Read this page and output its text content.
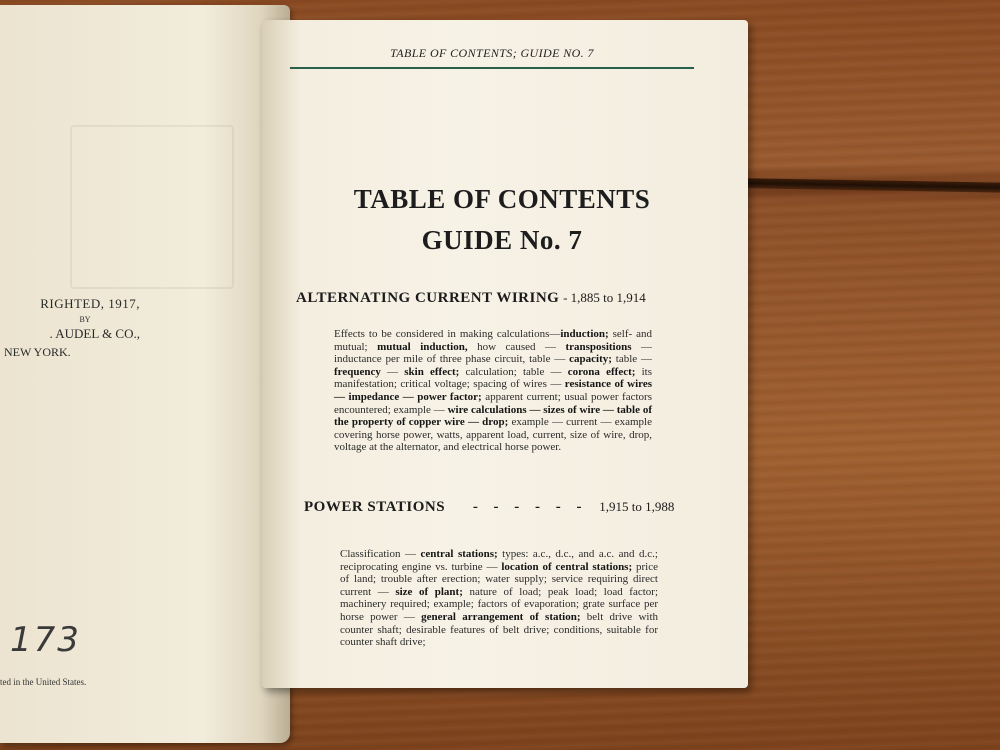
RIGHTED, 1917,
BY
. AUDEL & CO.,
NEW YORK.
173
ted in the United States.
TABLE OF CONTENTS; GUIDE NO. 7
TABLE OF CONTENTS
GUIDE No. 7
ALTERNATING CURRENT WIRING - 1,885 to 1,914
Effects to be considered in making calculations—induction; self- and mutual; mutual induction, how caused — transpositions — inductance per mile of three phase circuit, table — capacity; table — frequency — skin effect; calculation; table — corona effect; its manifestation; critical voltage; spacing of wires — resistance of wires — impedance — power factor; apparent current; usual power factors encountered; example — wire calculations — sizes of wire — table of the property of copper wire — drop; example — current — example covering horse power, watts, apparent load, current, size of wire, drop, voltage at the alternator, and electrical horse power.
POWER STATIONS - - - - - - 1,915 to 1,988
Classification — central stations; types: a.c., d.c., and a.c. and d.c.; reciprocating engine vs. turbine — location of central stations; price of land; trouble after erection; water supply; service requiring direct current — size of plant; nature of load; peak load; load factor; machinery required; example; factors of evaporation; grate surface per horse power — general arrangement of station; belt drive with counter shaft; desirable features of belt drive; conditions, suitable for counter shaft drive;
